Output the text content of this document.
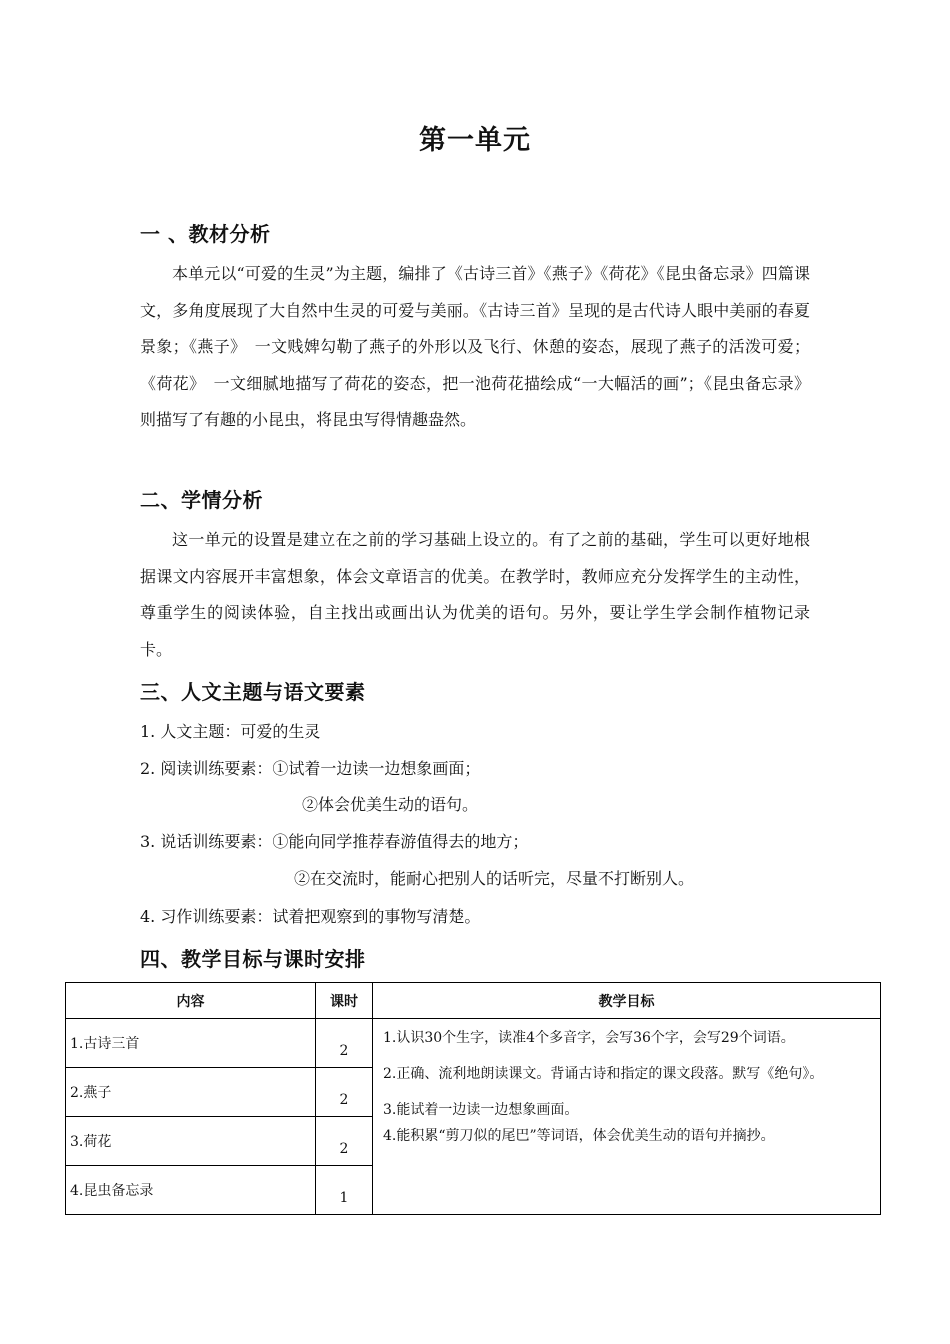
第一单元
一 、教材分析

本单元以“可爱的生灵”为主题，编排了《古诗三首》《燕子》《荷花》《昆虫备忘录》四篇课文，多角度展现了大自然中生灵的可爱与美丽。《古诗三首》呈现的是古代诗人眼中美丽的春夏景象；《燕子》　一文贱婢勾勒了燕子的外形以及飞行、休憩的姿态，展现了燕子的活泼可爱；《荷花》　一文细腻地描写了荷花的姿态，把一池荷花描绘成“一大幅活的画”；《昆虫备忘录》则描写了有趣的小昆虫，将昆虫写得情趣盎然。

二、学情分析

这一单元的设置是建立在之前的学习基础上设立的。有了之前的基础，学生可以更好地根据课文内容展开丰富想象，体会文章语言的优美。在教学时，教师应充分发挥学生的主动性，尊重学生的阅读体验，自主找出或画出认为优美的语句。另外，要让学生学会制作植物记录卡。

三、人文主题与语文要素

1. 人文主题：可爱的生灵

2. 阅读训练要素：①试着一边读一边想象画面；

②体会优美生动的语句。

3. 说话训练要素：①能向同学推荐春游值得去的地方；

②在交流时，能耐心把别人的话听完，尽量不打断别人。

4. 习作训练要素：试着把观察到的事物写清楚。

四、教学目标与课时安排
内容	课时	教学目标
1.古诗三首	2	1.认识30个生字，读准4个多音字，会写36个字，会写29个词语。

2.正确、流利地朗读课文。背诵古诗和指定的课文段落。默写《绝句》。

3.能试着一边读一边想象画面。

4.能积累“剪刀似的尾巴”等词语，体会优美生动的语句并摘抄。

2.燕子	2	
3.荷花	2	
4.昆虫备忘录	1	
